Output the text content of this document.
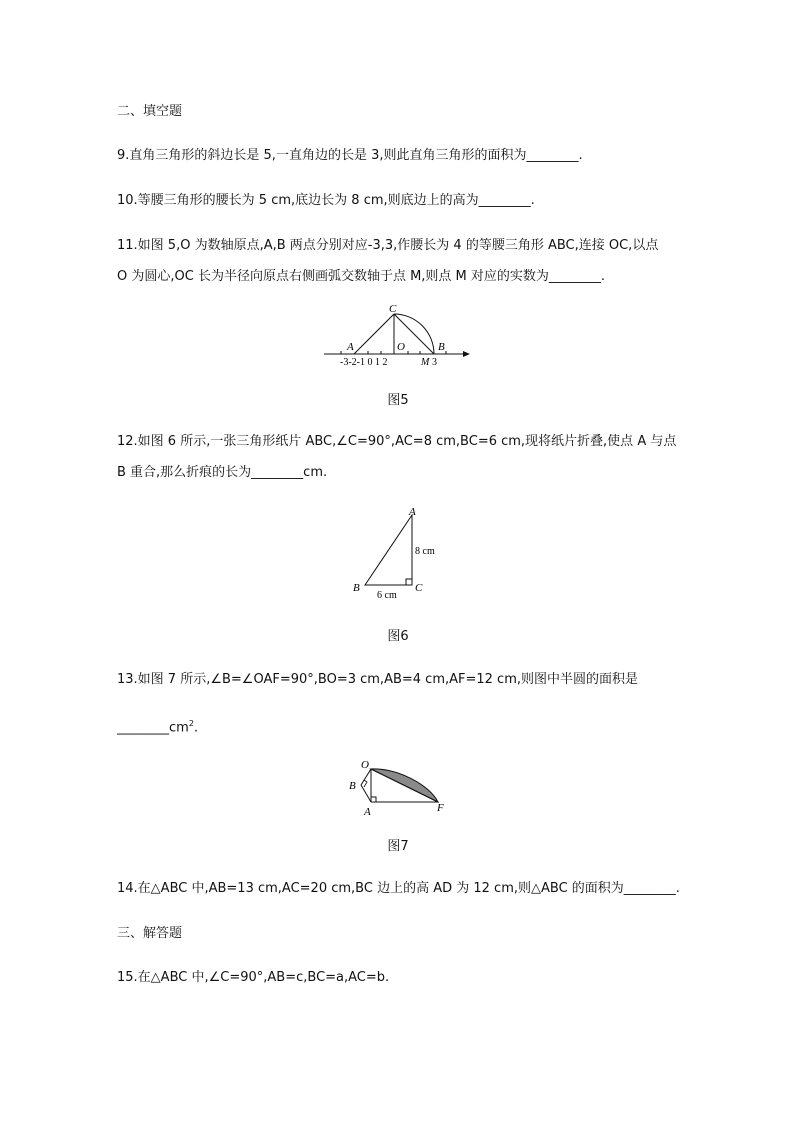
二、填空题
9.直角三角形的斜边长是 5,一直角边的长是 3,则此直角三角形的面积为________.
10.等腰三角形的腰长为 5 cm,底边长为 8 cm,则底边上的高为________.
11.如图 5,O 为数轴原点,A,B 两点分别对应-3,3,作腰长为 4 的等腰三角形 ABC,连接 OC,以点
O 为圆心,OC 长为半径向原点右侧画弧交数轴于点 M,则点 M 对应的实数为________.
C
A	O	B
-3-2-1 0 1 2	M 3
图5
12.如图 6 所示,一张三角形纸片 ABC,∠C=90°,AC=8 cm,BC=6 cm,现将纸片折叠,使点 A 与点
B 重合,那么折痕的长为________cm.
A
B	C
8 cm
6 cm
图6
13.如图 7 所示,∠B=∠OAF=90°,BO=3 cm,AB=4 cm,AF=12 cm,则图中半圆的面积是
$\_\_\_\_\_\_\_\_cm^2$.
O
B
A	F
图7
14.在△ABC 中,AB=13 cm,AC=20 cm,BC 边上的高 AD 为 12 cm,则△ABC 的面积为________.
三、解答题
15.在△ABC 中,∠C=90°,AB=c,BC=a,AC=b.
